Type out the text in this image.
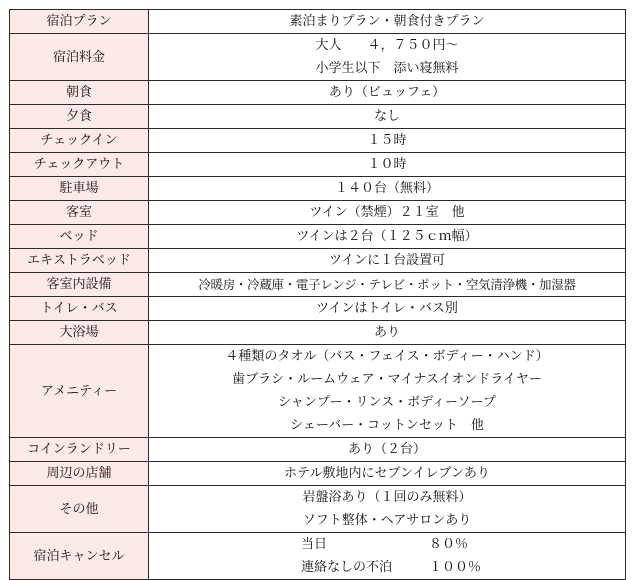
宿泊プラン	素泊まりプラン・朝食付きプラン

宿泊料金	大人　　４，７５０円～
小学生以下　添い寝無料

朝食	あり（ビュッフェ）

夕食	なし

チェックイン	１５時

チェックアウト	１０時

駐車場	１４０台（無料）

客室	ツイン（禁煙）２１室　他

ベッド	ツインは２台（１２５ｃｍ幅）

エキストラベッド	ツインに１台設置可

客室内設備	冷暖房・冷蔵庫・電子レンジ・テレビ・ポット・空気清浄機・加湿器

トイレ・バス	ツインはトイレ・バス別

大浴場	あり

アメニティー	４種類のタオル（バス・フェイス・ボディー・ハンド）
歯ブラシ・ルームウェア・マイナスイオンドライヤー
シャンプー・リンス・ボディーソープ
シェーバー・コットンセット　他

コインランドリー	あり（２台）

周辺の店舗	ホテル敷地内にセブンイレブンあり

その他	岩盤浴あり（１回のみ無料）
ソフト整体・ヘアサロンあり

宿泊キャンセル	当日 ８０％
連絡なしの不泊 １００％
